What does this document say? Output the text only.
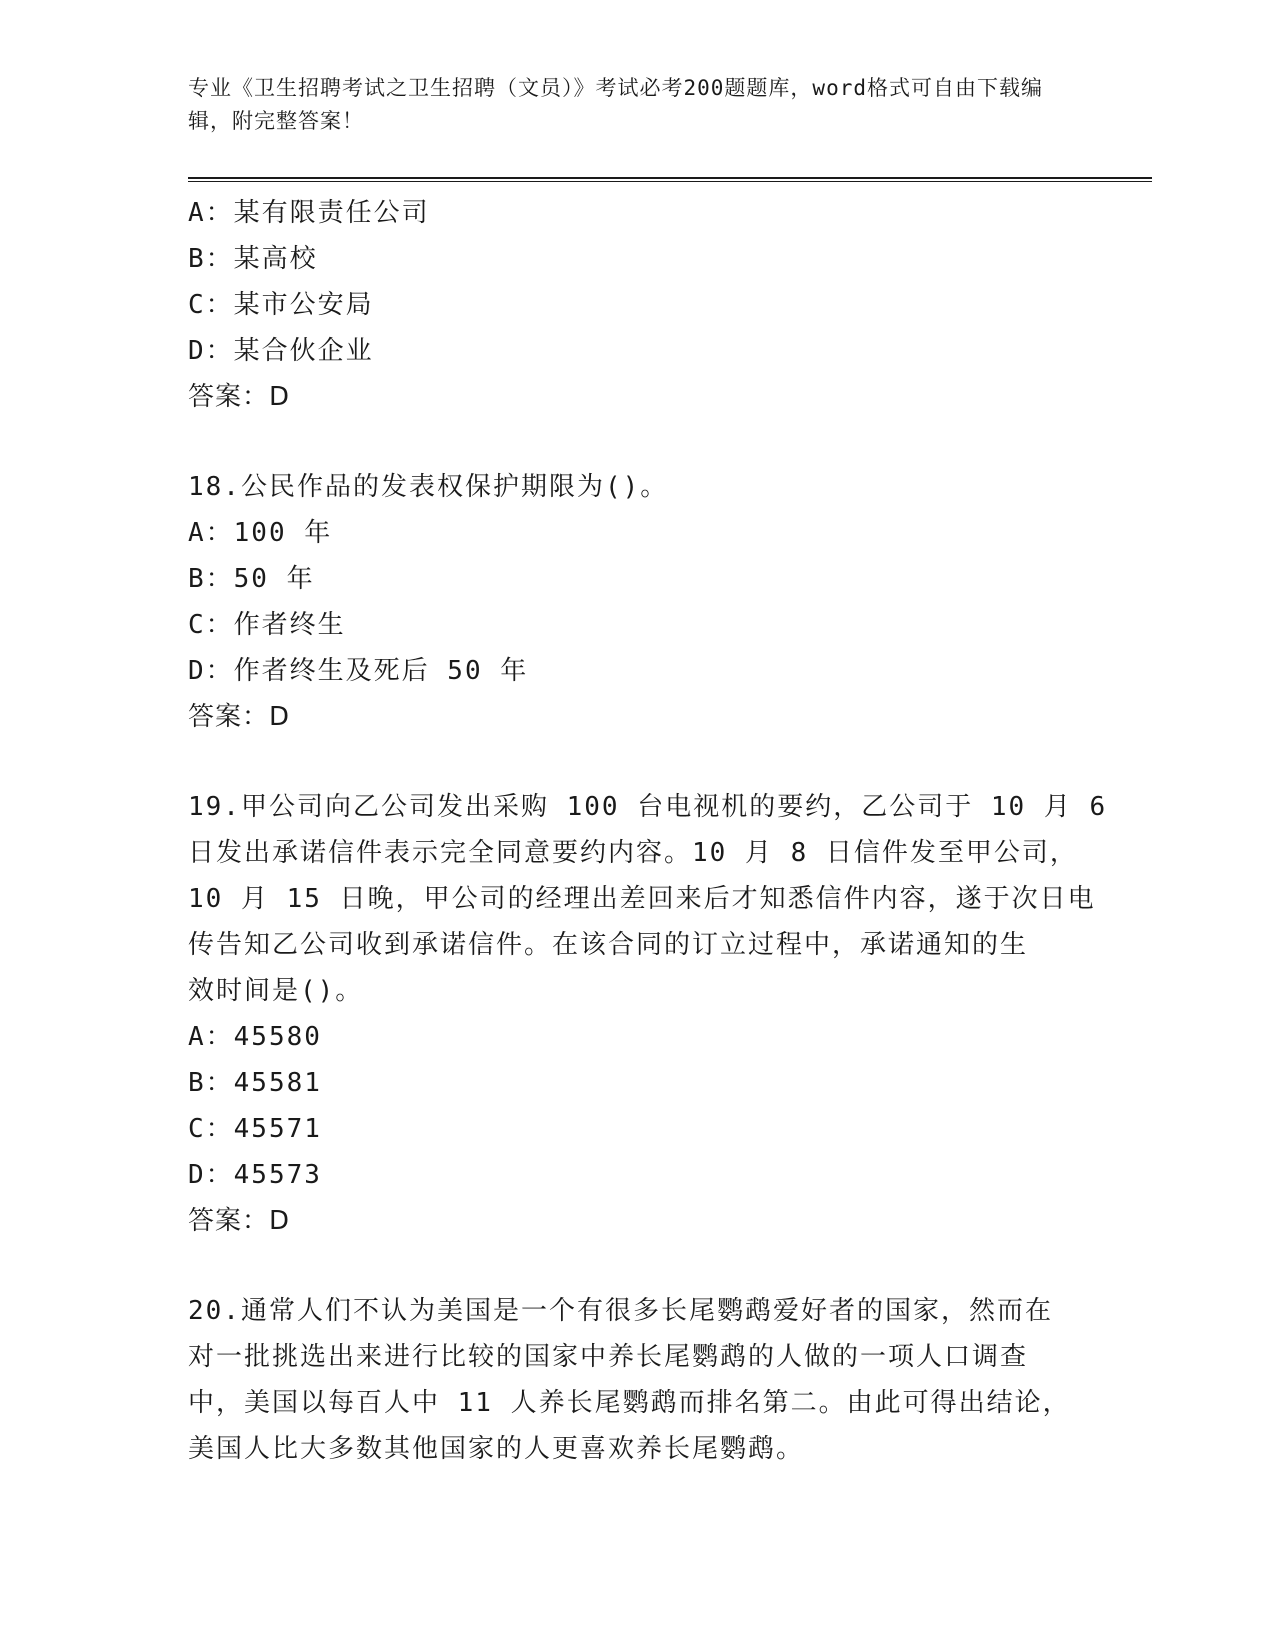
专业《卫生招聘考试之卫生招聘（文员）》考试必考200题题库，word格式可自由下载编辑，附完整答案！
A：某有限责任公司
B：某高校
C：某市公安局
D：某合伙企业
答案：D
18.公民作品的发表权保护期限为()。
A：100 年
B：50 年
C：作者终生
D：作者终生及死后 50 年
答案：D
19.甲公司向乙公司发出采购 100 台电视机的要约，乙公司于 10 月 6
日发出承诺信件表示完全同意要约内容。10 月 8 日信件发至甲公司，
10 月 15 日晚，甲公司的经理出差回来后才知悉信件内容，遂于次日电
传告知乙公司收到承诺信件。在该合同的订立过程中，承诺通知的生
效时间是()。
A：45580
B：45581
C：45571
D：45573
答案：D
20.通常人们不认为美国是一个有很多长尾鹦鹉爱好者的国家，然而在
对一批挑选出来进行比较的国家中养长尾鹦鹉的人做的一项人口调查
中，美国以每百人中 11 人养长尾鹦鹉而排名第二。由此可得出结论，
美国人比大多数其他国家的人更喜欢养长尾鹦鹉。
